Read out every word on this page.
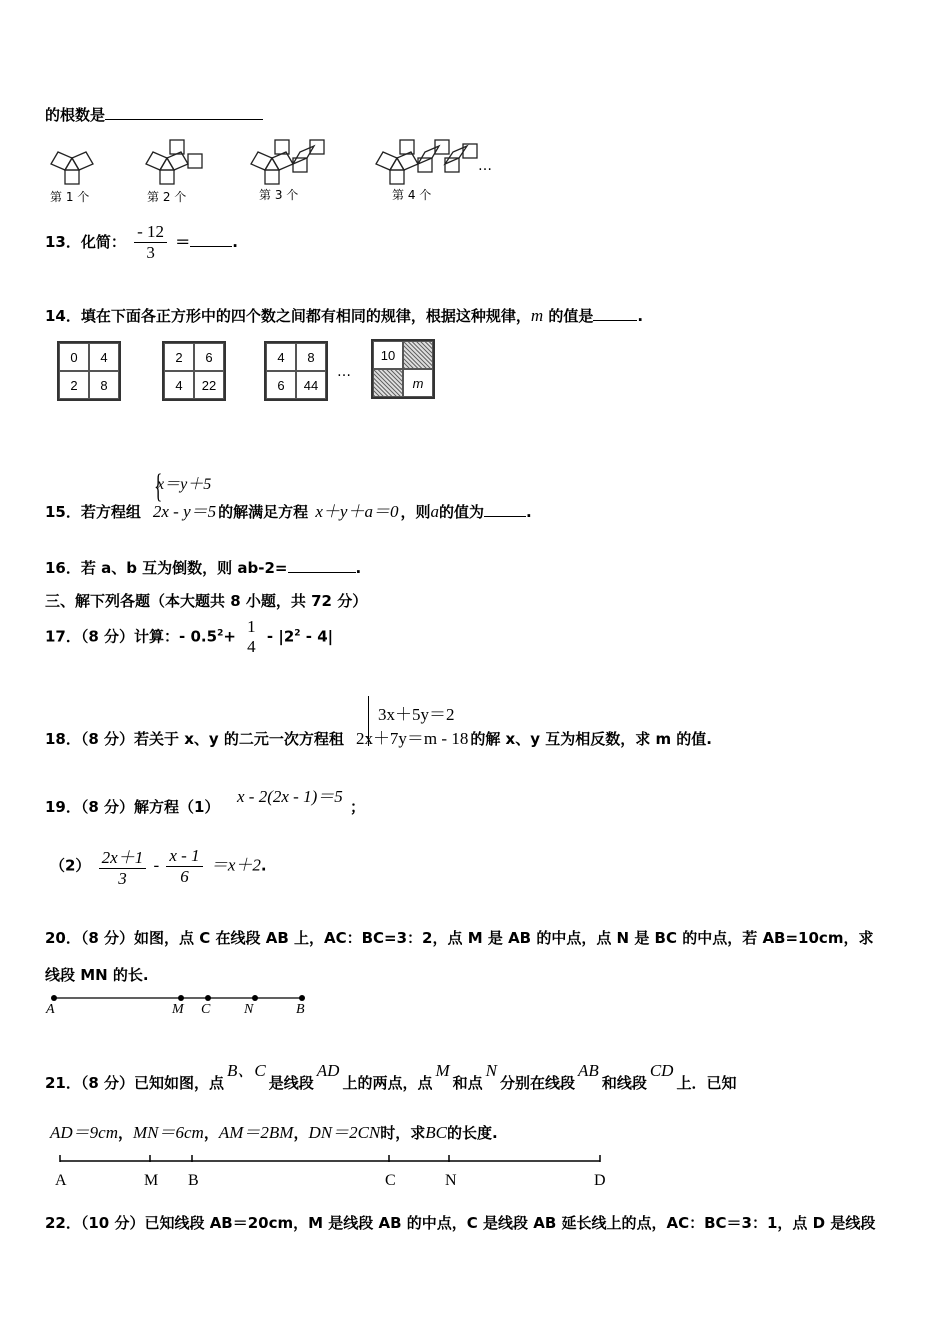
的根数是
第 1 个	第 2 个	第 3 个	第 4 个
…
13．化简： $\frac{- 12}{3}$ ＝	.
14．填在下面各正方形中的四个数之间都有相同的规律，根据这种规律，m 的值是	.
0	4
2	8
2	6
4	22
4	8
6	44
…
10
m
{
x＝y＋5
15．若方程组 2x - y＝5 的解满足方程 x＋y＋a＝0 ，则a的值为	.
16．若 a、b 互为倒数，则 ab-2=	.
三、解下列各题（本大题共 8 小题，共 72 分）
17．（8 分）计算：- $0.5^2+$
1
4
- $|2^2 - 4|$
3x＋5y＝2
18．（8 分）若关于 x、y 的二元一次方程租 2x＋7y＝m - 18 的解 x、y 互为相反数，求 m 的值.
x - 2(2x - 1)＝5
19．（8 分）解方程（1）	；
$(2) \frac{2x+1}{3} - \frac{x - 1}{6} =x+2$.
20．（8 分）如图，点 C 在线段 AB 上，AC：BC=3：2，点 M 是 AB 的中点，点 N 是 BC 的中点，若 AB=10cm，求
线段 MN 的长.
A	M C N	B
21．（8 分）已知如图，点B、C是线段AD上的两点，点M和点N分别在线段AB和线段CD上．已知
AD＝9cm，MN＝6cm，AM＝2BM，DN＝2CN时，求BC的长度.
A	M B	C	N	D
22．（10 分）已知线段 AB＝20cm，M 是线段 AB 的中点，C 是线段 AB 延长线上的点，AC：BC＝3：1，点 D 是线段
